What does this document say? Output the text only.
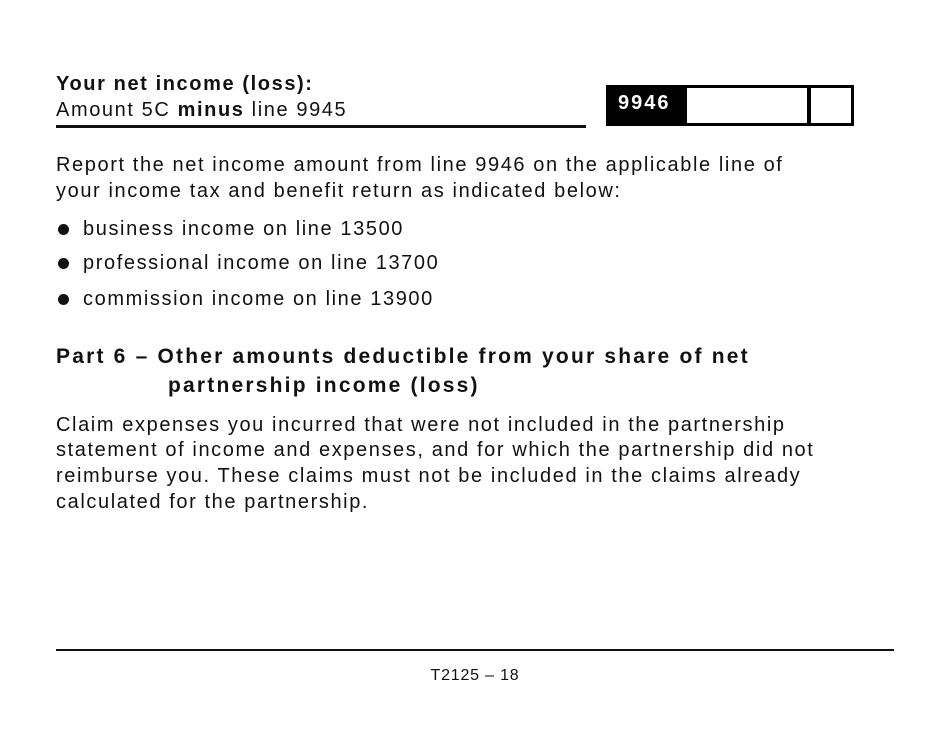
Your net income (loss):
Amount 5C minus line 9945	9946
Report the net income amount from line 9946 on the applicable line of
your income tax and benefit return as indicated below:
business income on line 13500
professional income on line 13700
commission income on line 13900
Part 6 – Other amounts deductible from your share of net
partnership income (loss)
Claim expenses you incurred that were not included in the partnership
statement of income and expenses, and for which the partnership did not
reimburse you. These claims must not be included in the claims already
calculated for the partnership.
T2125 – 18
